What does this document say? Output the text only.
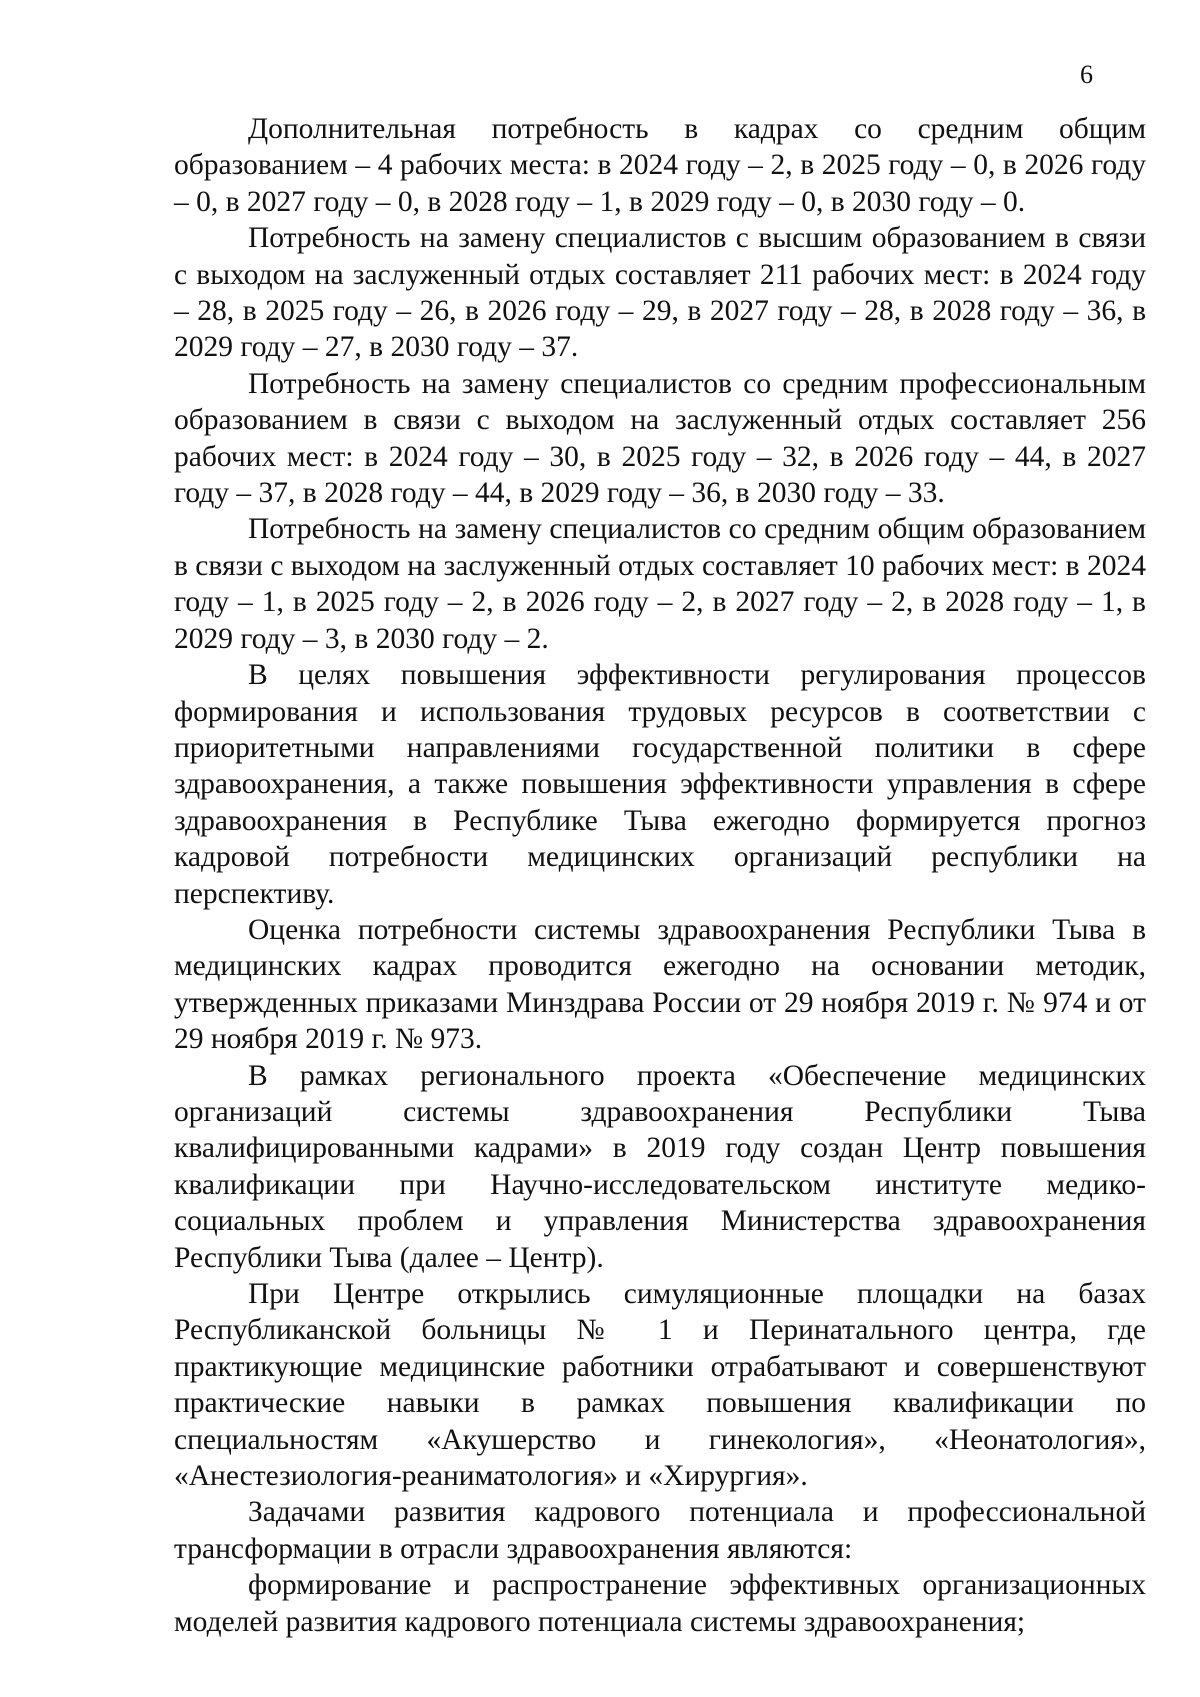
6

Дополнительная потребность в кадрах со средним общим образованием – 4 рабочих места: в 2024 году – 2, в 2025 году – 0, в 2026 году – 0, в 2027 году – 0, в 2028 году – 1, в 2029 году – 0, в 2030 году – 0.

Потребность на замену специалистов с высшим образованием в связи с выходом на заслуженный отдых составляет 211 рабочих мест: в 2024 году – 28, в 2025 году – 26, в 2026 году – 29, в 2027 году – 28, в 2028 году – 36, в 2029 году – 27, в 2030 году – 37.

Потребность на замену специалистов со средним профессиональным образованием в связи с выходом на заслуженный отдых составляет 256 рабочих мест: в 2024 году – 30, в 2025 году – 32, в 2026 году – 44, в 2027 году – 37, в 2028 году – 44, в 2029 году – 36, в 2030 году – 33.

Потребность на замену специалистов со средним общим образованием в связи с выходом на заслуженный отдых составляет 10 рабочих мест: в 2024 году – 1, в 2025 году – 2, в 2026 году – 2, в 2027 году – 2, в 2028 году – 1, в 2029 году – 3, в 2030 году – 2.

В целях повышения эффективности регулирования процессов формирования и использования трудовых ресурсов в соответствии с приоритетными направлениями государственной политики в сфере здравоохранения, а также повышения эффективности управления в сфере здравоохранения в Республике Тыва ежегодно формируется прогноз кадровой потребности медицинских организаций республики на перспективу.

Оценка потребности системы здравоохранения Республики Тыва в медицинских кадрах проводится ежегодно на основании методик, утвержденных приказами Минздрава России от 29 ноября 2019 г. № 974 и от 29 ноября 2019 г. № 973.

В рамках регионального проекта «Обеспечение медицинских организаций системы здравоохранения Республики Тыва квалифицированными кадрами» в 2019 году создан Центр повышения квалификации при Научно-исследовательском институте медико-социальных проблем и управления Министерства здравоохранения Республики Тыва (далее – Центр).

При Центре открылись симуляционные площадки на базах Республиканской больницы № 1 и Перинатального центра, где практикующие медицинские работники отрабатывают и совершенствуют практические навыки в рамках повышения квалификации по специальностям «Акушерство и гинекология», «Неонатология», «Анестезиология-реаниматология» и «Хирургия».

Задачами развития кадрового потенциала и профессиональной трансформации в отрасли здравоохранения являются:

формирование и распространение эффективных организационных моделей развития кадрового потенциала системы здравоохранения;
